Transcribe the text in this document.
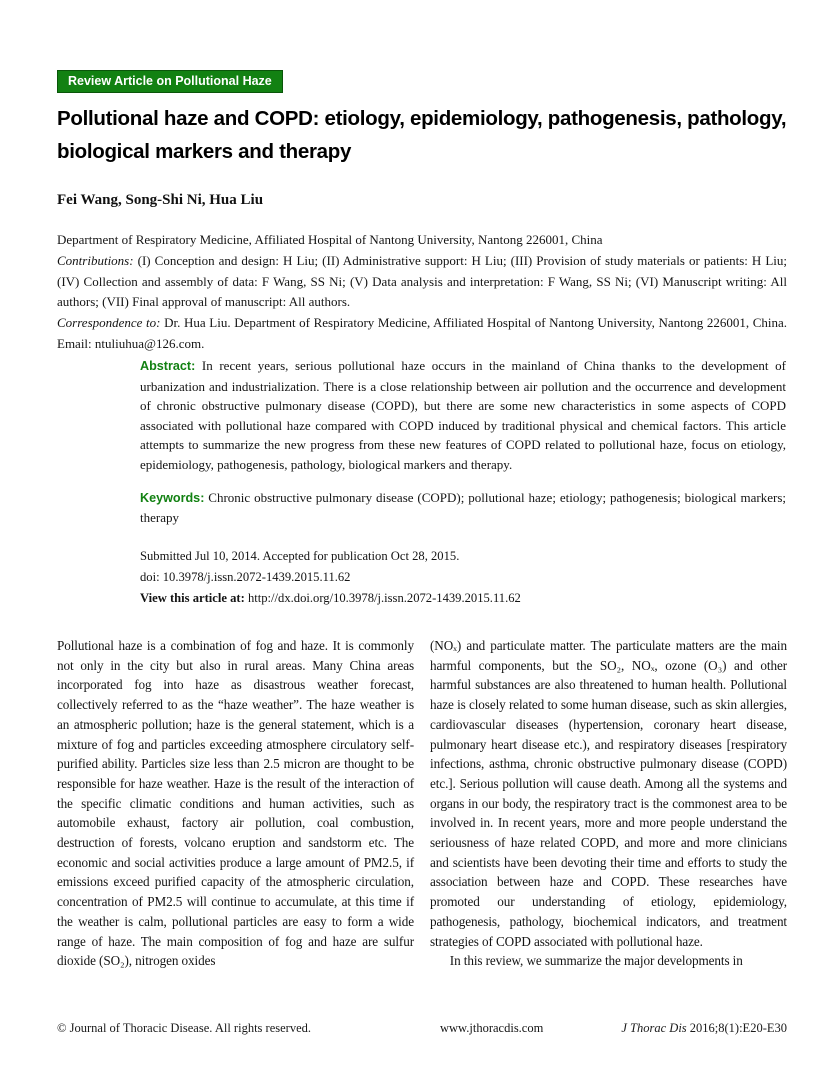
Review Article on Pollutional Haze
Pollutional haze and COPD: etiology, epidemiology, pathogenesis, pathology, biological markers and therapy
Fei Wang, Song-Shi Ni, Hua Liu

Department of Respiratory Medicine, Affiliated Hospital of Nantong University, Nantong 226001, China

Contributions: (I) Conception and design: H Liu; (II) Administrative support: H Liu; (III) Provision of study materials or patients: H Liu; (IV) Collection and assembly of data: F Wang, SS Ni; (V) Data analysis and interpretation: F Wang, SS Ni; (VI) Manuscript writing: All authors; (VII) Final approval of manuscript: All authors.

Correspondence to: Dr. Hua Liu. Department of Respiratory Medicine, Affiliated Hospital of Nantong University, Nantong 226001, China. Email: ntuliuhua@126.com.

Abstract: In recent years, serious pollutional haze occurs in the mainland of China thanks to the development of urbanization and industrialization. There is a close relationship between air pollution and the occurrence and development of chronic obstructive pulmonary disease (COPD), but there are some new characteristics in some aspects of COPD associated with pollutional haze compared with COPD induced by traditional physical and chemical factors. This article attempts to summarize the new progress from these new features of COPD related to pollutional haze, focus on etiology, epidemiology, pathogenesis, pathology, biological markers and therapy.

Keywords: Chronic obstructive pulmonary disease (COPD); pollutional haze; etiology; pathogenesis; biological markers; therapy

Submitted Jul 10, 2014. Accepted for publication Oct 28, 2015.

doi: 10.3978/j.issn.2072-1439.2015.11.62

View this article at: http://dx.doi.org/10.3978/j.issn.2072-1439.2015.11.62

Pollutional haze is a combination of fog and haze. It is commonly not only in the city but also in rural areas. Many China areas incorporated fog into haze as disastrous weather forecast, collectively referred to as the “haze weather”. The haze weather is an atmospheric pollution; haze is the general statement, which is a mixture of fog and particles exceeding atmosphere circulatory self-purified ability. Particles size less than 2.5 micron are thought to be responsible for haze weather. Haze is the result of the interaction of the specific climatic conditions and human activities, such as automobile exhaust, factory air pollution, coal combustion, destruction of forests, volcano eruption and sandstorm etc. The economic and social activities produce a large amount of PM2.5, if emissions exceed purified capacity of the atmospheric circulation, concentration of PM2.5 will continue to accumulate, at this time if the weather is calm, pollutional particles are easy to form a wide range of haze. The main composition of fog and haze are sulfur dioxide (SO₂), nitrogen oxides

(NOₓ) and particulate matter. The particulate matters are the main harmful components, but the SO₂, NOₓ, ozone (O₃) and other harmful substances are also threatened to human health. Pollutional haze is closely related to some human disease, such as skin allergies, cardiovascular diseases (hypertension, coronary heart disease, pulmonary heart disease etc.), and respiratory diseases [respiratory infections, asthma, chronic obstructive pulmonary disease (COPD) etc.]. Serious pollution will cause death. Among all the systems and organs in our body, the respiratory tract is the commonest area to be involved in. In recent years, more and more people understand the seriousness of haze related COPD, and more and more clinicians and scientists have been devoting their time and efforts to study the association between haze and COPD. These researches have promoted our understanding of etiology, epidemiology, pathogenesis, pathology, biochemical indicators, and treatment strategies of COPD associated with pollutional haze.

In this review, we summarize the major developments in

© Journal of Thoracic Disease. All rights reserved.	www.jthoracdis.com	J Thorac Dis 2016;8(1):E20-E30
